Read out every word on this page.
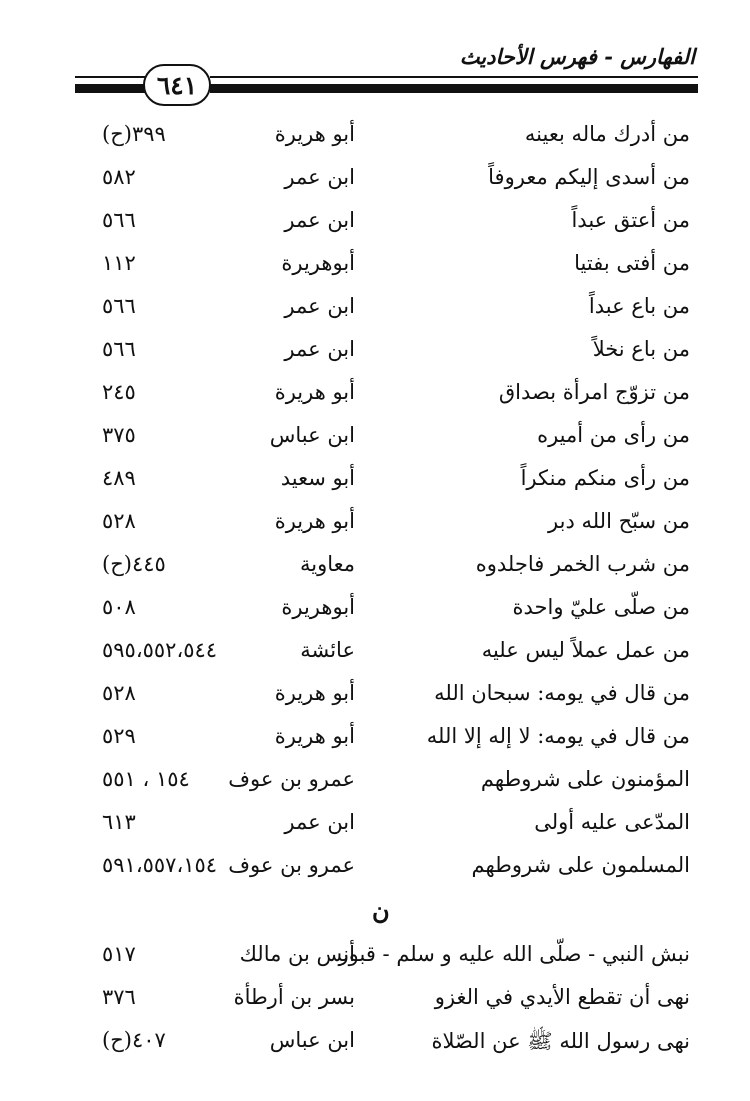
الفهارس - فهرس الأحاديث
٦٤١
من أدرك ماله بعينه
أبو هريرة
٣٩٩(ح)
من أسدى إليكم معروفاً
ابن عمر
٥٨٢
من أعتق عبداً
ابن عمر
٥٦٦
من أفتى بفتيا
أبوهريرة
١١٢
من باع عبداً
ابن عمر
٥٦٦
من باع نخلاً
ابن عمر
٥٦٦
من تزوّج امرأة بصداق
أبو هريرة
٢٤٥
من رأى من أميره
ابن عباس
٣٧٥
من رأى منكم منكراً
أبو سعيد
٤٨٩
من سبّح الله دبر
أبو هريرة
٥٢٨
من شرب الخمر فاجلدوه
معاوية
٤٤٥(ح)
من صلّى عليّ واحدة
أبوهريرة
٥٠٨
من عمل عملاً ليس عليه
عائشة
٥٩٥،٥٥٢،٥٤٤
من قال في يومه: سبحان الله
أبو هريرة
٥٢٨
من قال في يومه: لا إله إلا الله
أبو هريرة
٥٢٩
المؤمنون على شروطهم
عمرو بن عوف
١٥٤ ، ٥٥١
المدّعى عليه أولى
ابن عمر
٦١٣
المسلمون على شروطهم
عمرو بن عوف
٥٩١،٥٥٧،١٥٤
ن
نبش النبي - صلّى الله عليه و سلم - قبور
أنس بن مالك
٥١٧
نهى أن تقطع الأيدي في الغزو
بسر بن أرطأة
٣٧٦
نهى رسول الله ﷺ عن الصّلاة
ابن عباس
٤٠٧(ح)
